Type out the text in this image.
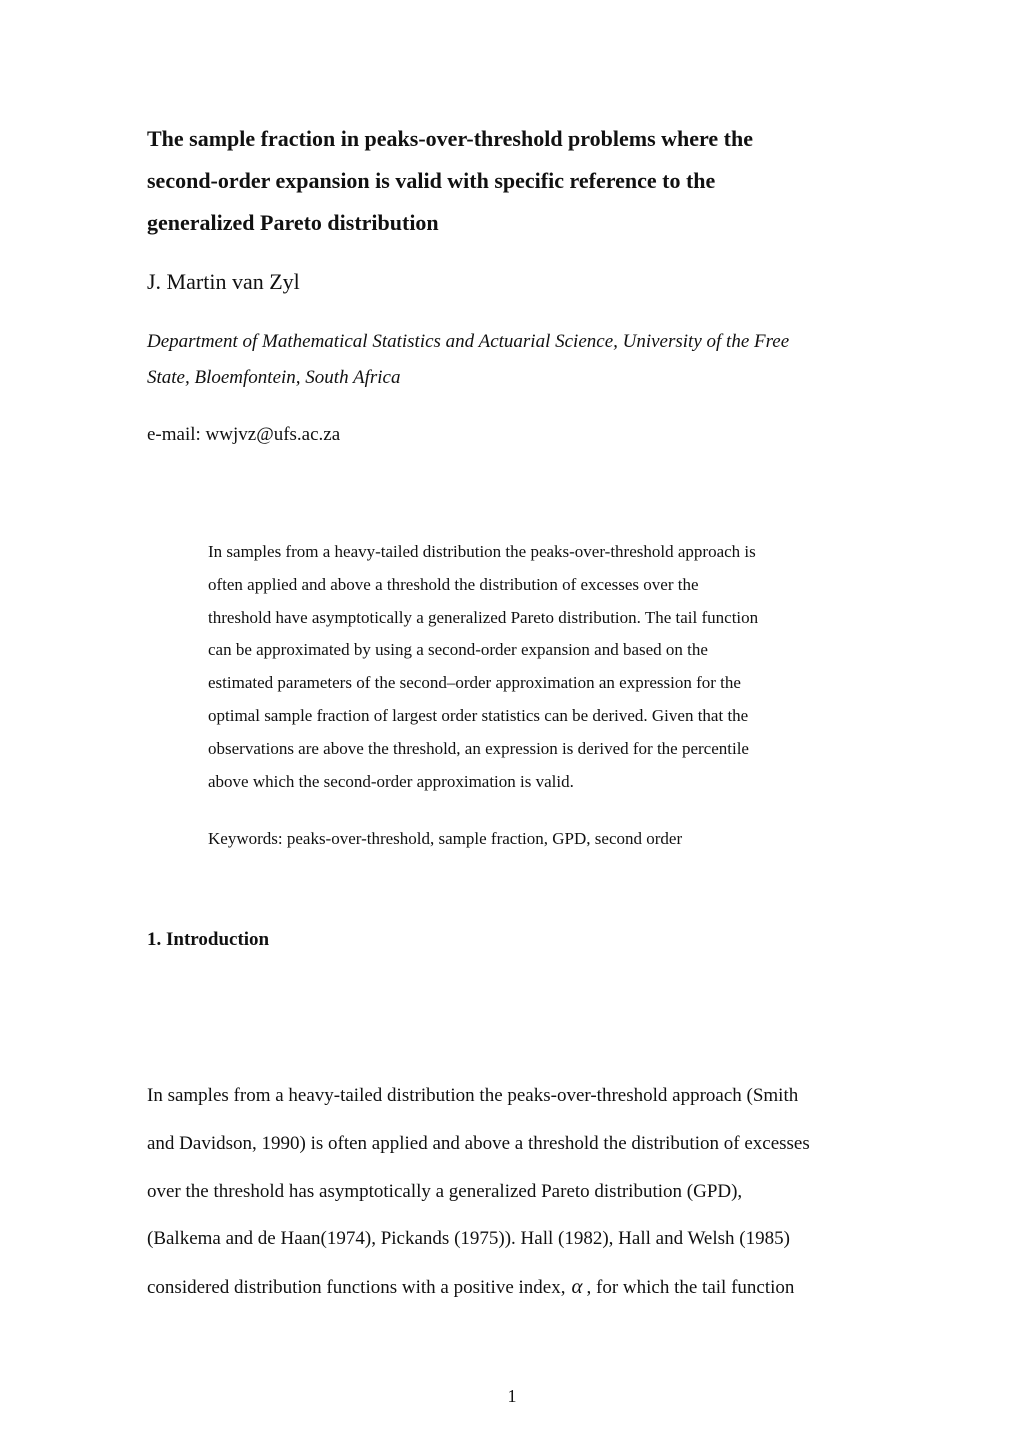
The sample fraction in peaks-over-threshold problems where the
second-order expansion is valid with specific reference to the
generalized Pareto distribution

J. Martin van Zyl

Department of Mathematical Statistics and Actuarial Science, University of the Free
State, Bloemfontein, South Africa

e-mail: wwjvz@ufs.ac.za

In samples from a heavy-tailed distribution the peaks-over-threshold approach is
often applied and above a threshold the distribution of excesses over the
threshold have asymptotically a generalized Pareto distribution. The tail function
can be approximated by using a second-order expansion and based on the
estimated parameters of the second–order approximation an expression for the
optimal sample fraction of largest order statistics can be derived. Given that the
observations are above the threshold, an expression is derived for the percentile
above which the second-order approximation is valid.

Keywords: peaks-over-threshold, sample fraction, GPD, second order

1. Introduction

In samples from a heavy-tailed distribution the peaks-over-threshold approach (Smith
and Davidson, 1990) is often applied and above a threshold the distribution of excesses
over the threshold has asymptotically a generalized Pareto distribution (GPD),
(Balkema and de Haan(1974), Pickands (1975)). Hall (1982), Hall and Welsh (1985)
considered distribution functions with a positive index, α , for which the tail function

1
